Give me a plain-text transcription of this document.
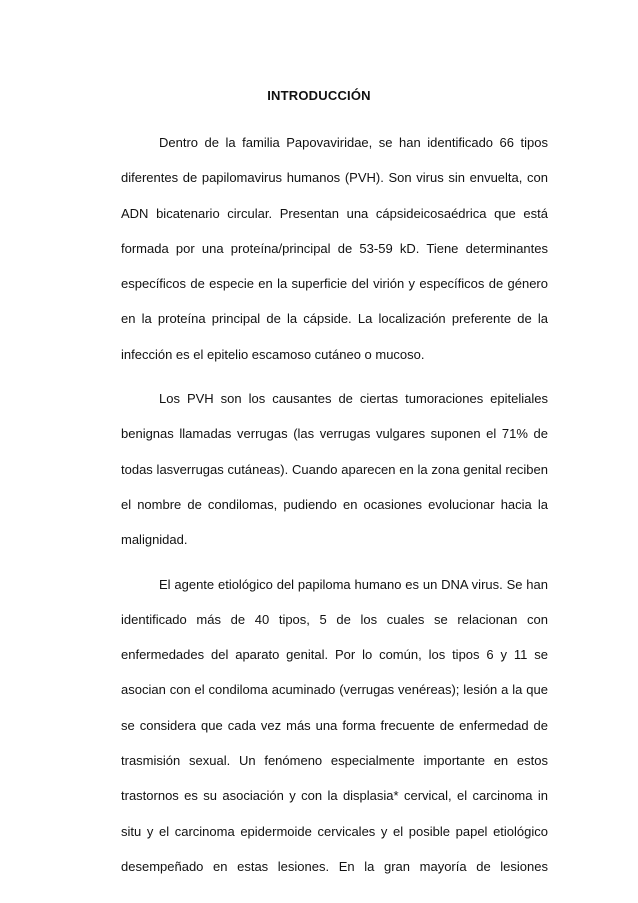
INTRODUCCIÓN
Dentro de la familia Papovaviridae, se han identificado 66 tipos
diferentes de papilomavirus humanos (PVH). Son virus sin envuelta, con
ADN bicatenario circular. Presentan una cápsideicosaédrica que está
formada por una proteína/principal de 53-59 kD. Tiene determinantes
específicos de especie en la superficie del virión y específicos de género
en la proteína principal de la cápside. La localización preferente de la
infección es el epitelio escamoso cutáneo o mucoso.
Los PVH son los causantes de ciertas tumoraciones epiteliales
benignas llamadas verrugas (las verrugas vulgares suponen el 71% de
todas lasverrugas cutáneas). Cuando aparecen en la zona genital reciben
el nombre de condilomas, pudiendo en ocasiones evolucionar hacia la
malignidad.
El agente etiológico del papiloma humano es un DNA virus. Se han
identificado más de 40 tipos, 5 de los cuales se relacionan con
enfermedades del aparato genital. Por lo común, los tipos 6 y 11 se
asocian con el condiloma acuminado (verrugas venéreas); lesión a la que
se considera que cada vez más una forma frecuente de enfermedad de
trasmisión sexual. Un fenómeno especialmente importante en estos
trastornos es su asociación y con la displasia* cervical, el carcinoma in
situ y el carcinoma epidermoide cervicales y el posible papel etiológico
desempeñado en estas lesiones. En la gran mayoría de lesiones
